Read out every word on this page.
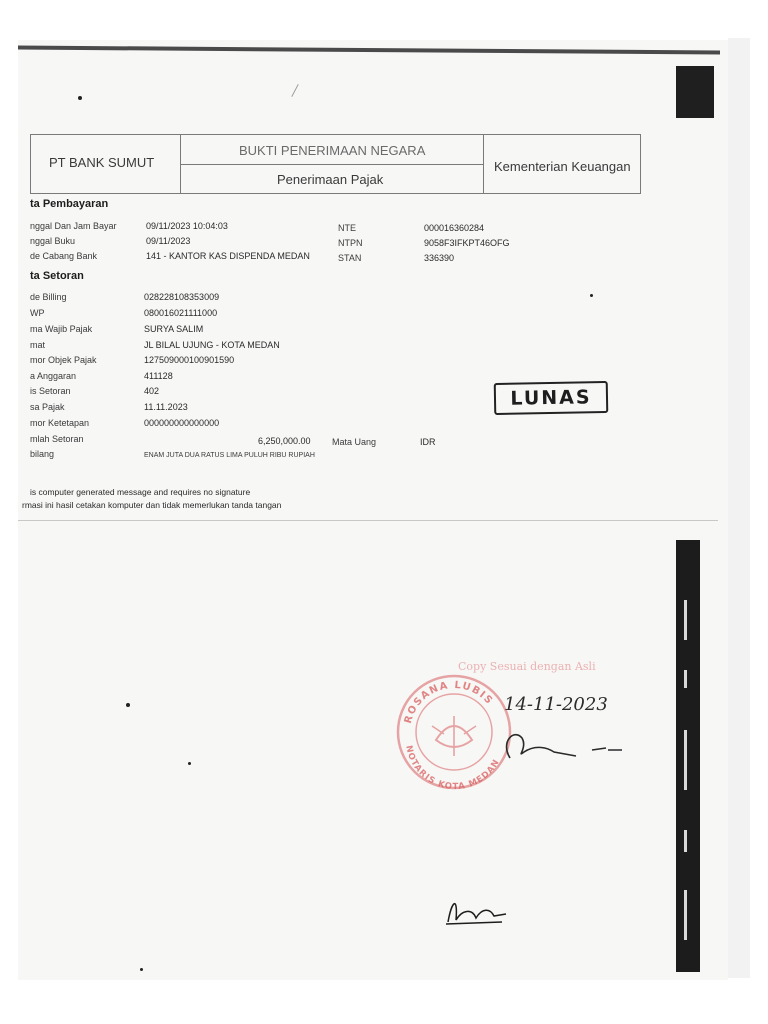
PT BANK SUMUT
BUKTI PENERIMAAN NEGARA
Penerimaan Pajak
Kementerian Keuangan
ta Pembayaran
nggal Dan Jam Bayar	09/11/2023 10:04:03
nggal Buku	09/11/2023
de Cabang Bank	141 - KANTOR KAS DISPENDA MEDAN
NTE	000016360284
NTPN	9058F3IFKPT46OFG
STAN	336390
ta Setoran
de Billing	028228108353009
WP	080016021111000
ma Wajib Pajak	SURYA SALIM
mat	JL BILAL UJUNG - KOTA MEDAN
mor Objek Pajak	127509000100901590
a Anggaran	411128
is Setoran	402
sa Pajak	11.11.2023
mor Ketetapan	000000000000000
mlah Setoran	6,250,000.00 Mata Uang	IDR
bilang	ENAM JUTA DUA RATUS LIMA PULUH RIBU RUPIAH
LUNAS
is computer generated message and requires no signature
rmasi ini hasil cetakan komputer dan tidak memerlukan tanda tangan
ROSANA LUBIS
NOTARIS KOTA MEDAN
Copy Sesuai dengan Asli
14-11-2023
